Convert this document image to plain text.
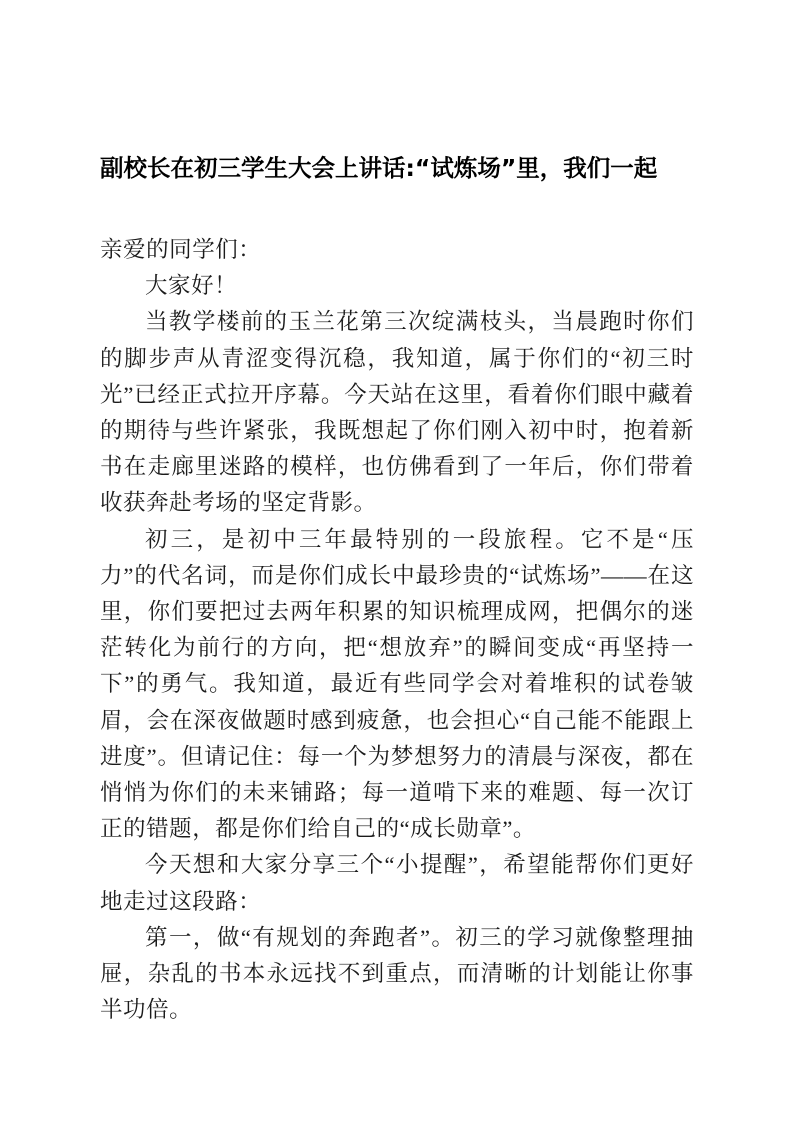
副校长在初三学生大会上讲话:“试炼场”里，我们一起

亲爱的同学们：

大家好！

当教学楼前的玉兰花第三次绽满枝头，当晨跑时你们的脚步声从青涩变得沉稳，我知道，属于你们的“初三时光”已经正式拉开序幕。今天站在这里，看着你们眼中藏着的期待与些许紧张，我既想起了你们刚入初中时，抱着新书在走廊里迷路的模样，也仿佛看到了一年后，你们带着收获奔赴考场的坚定背影。

初三，是初中三年最特别的一段旅程。它不是“压力”的代名词，而是你们成长中最珍贵的“试炼场”——在这里，你们要把过去两年积累的知识梳理成网，把偶尔的迷茫转化为前行的方向，把“想放弃”的瞬间变成“再坚持一下”的勇气。我知道，最近有些同学会对着堆积的试卷皱眉，会在深夜做题时感到疲惫，也会担心“自己能不能跟上进度”。但请记住：每一个为梦想努力的清晨与深夜，都在悄悄为你们的未来铺路；每一道啃下来的难题、每一次订正的错题，都是你们给自己的“成长勋章”。

今天想和大家分享三个“小提醒”，希望能帮你们更好地走过这段路：

第一，做“有规划的奔跑者”。初三的学习就像整理抽屉，杂乱的书本永远找不到重点，而清晰的计划能让你事半功倍。
